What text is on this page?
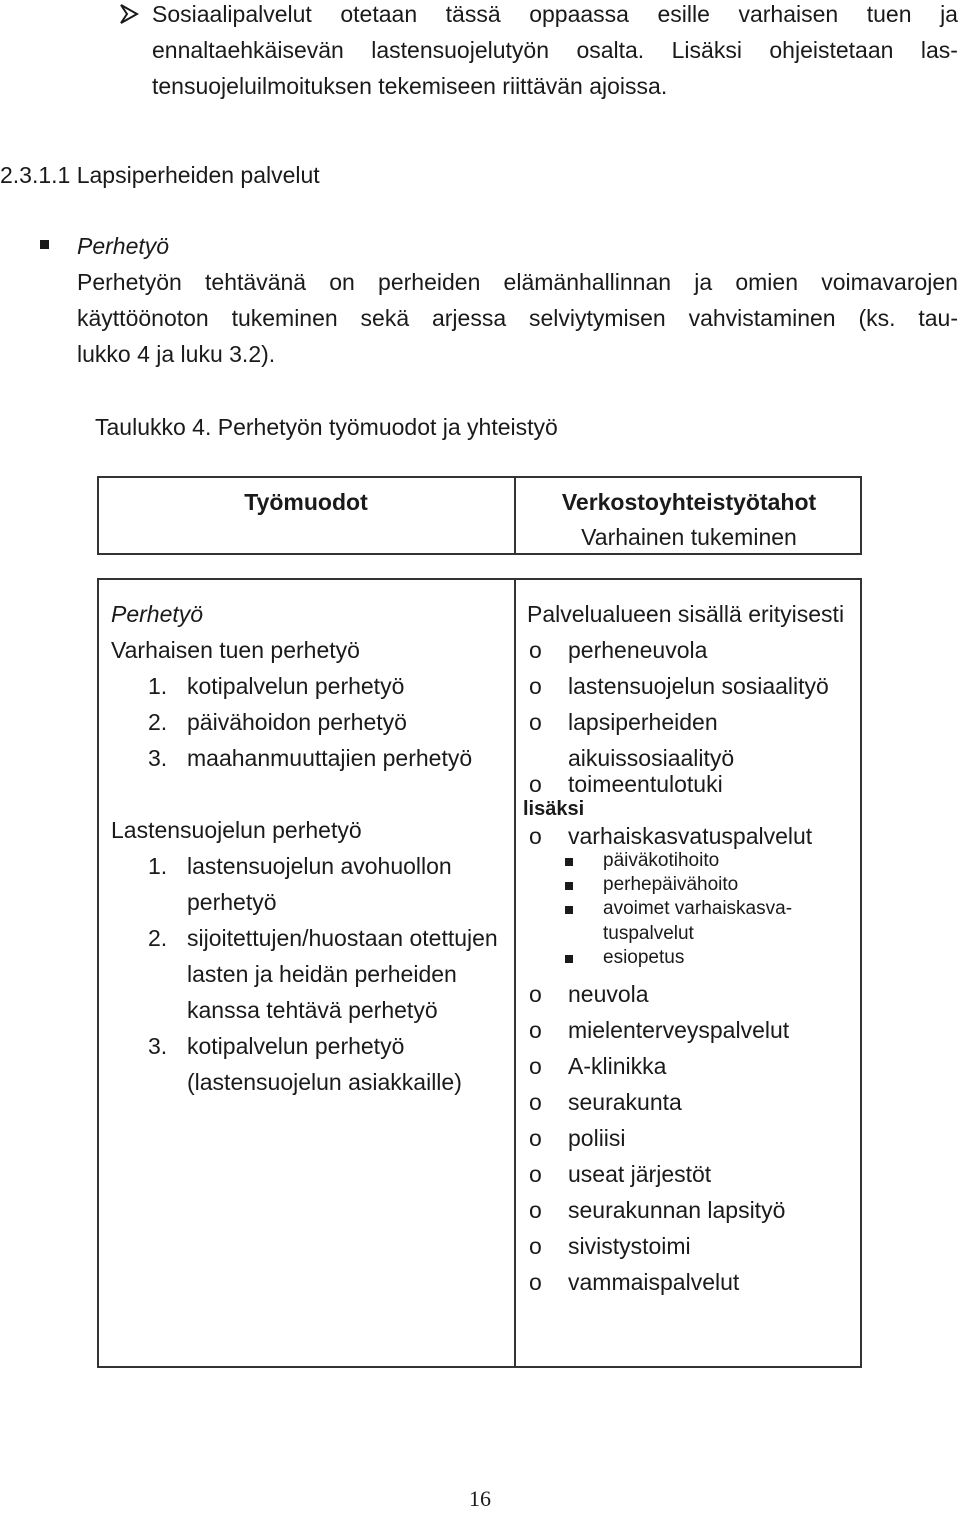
Sosiaalipalvelut otetaan tässä oppaassa esille varhaisen tuen ja
ennaltaehkäisevän lastensuojelutyön osalta. Lisäksi ohjeistetaan las-
tensuojeluilmoituksen tekemiseen riittävän ajoissa.
2.3.1.1 Lapsiperheiden palvelut
Perhetyö
Perhetyön tehtävänä on perheiden elämänhallinnan ja omien voimavarojen
käyttöönoton tukeminen sekä arjessa selviytymisen vahvistaminen (ks. tau-
lukko 4 ja luku 3.2).
Taulukko 4. Perhetyön työmuodot ja yhteistyö
Työmuodot	Verkostoyhteistyötahot
Varhainen tukeminen
Perhetyö
Varhaisen tuen perhetyö
1. kotipalvelun perhetyö
2. päivähoidon perhetyö
3. maahanmuuttajien perhetyö
Lastensuojelun perhetyö
1. lastensuojelun avohuollon
perhetyö
2. sijoitettujen/huostaan otettujen
lasten ja heidän perheiden
kanssa tehtävä perhetyö
3. kotipalvelun perhetyö
(lastensuojelun asiakkaille)
Palvelualueen sisällä erityisesti
o perheneuvola
o lastensuojelun sosiaalityö
o lapsiperheiden
aikuissosiaalityö
o toimeentulotuki
lisäksi
o varhaiskasvatuspalvelut
päiväkotihoito
perhepäivähoito
avoimet varhaiskasva-
tuspalvelut
esiopetus
o neuvola
o mielenterveyspalvelut
o A-klinikka
o seurakunta
o poliisi
o useat järjestöt
o seurakunnan lapsityö
o sivistystoimi
o vammaispalvelut
16
